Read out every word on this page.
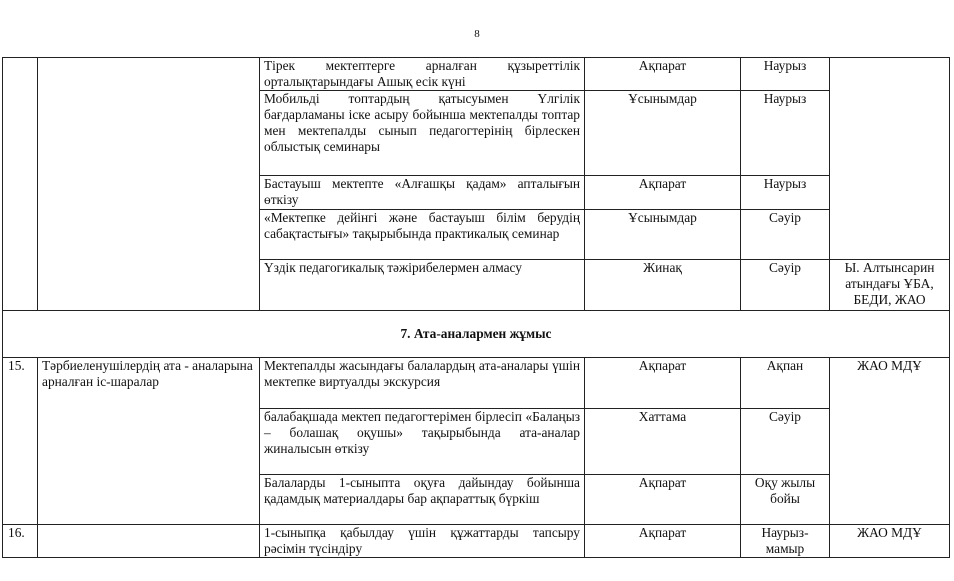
8
		Тірек мектептерге арналған құзыреттілік орталықтарындағы Ашық есік күні	Ақпарат	Наурыз	
		Мобильді топтардың қатысуымен Үлгілік бағдарламаны іске асыру бойынша мектепалды топтар мен мектепалды сынып педагогтерінің бірлескен облыстық семинары	Ұсынымдар	Наурыз	
		Бастауыш мектепте «Алғашқы қадам» апталығын өткізу	Ақпарат	Наурыз	
		«Мектепке дейінгі және бастауыш білім берудің сабақтастығы» тақырыбында практикалық семинар	Ұсынымдар	Сәуір	
		Үздік педагогикалық тәжірибелермен алмасу	Жинақ	Сәуір	Ы. Алтынсарин атындағы ҰБА, БЕДИ, ЖАО
7. Ата-аналармен жұмыс					
15.	Тәрбиеленушілердің ата - аналарына арналған іс-шаралар	Мектепалды жасындағы балалардың ата-аналары үшін мектепке виртуалды экскурсия	Ақпарат	Ақпан	ЖАО МДҰ
		балабақшада мектеп педагогтерімен бірлесіп «Балаңыз – болашақ оқушы» тақырыбында ата-аналар жиналысын өткізу	Хаттама	Сәуір	
		Балаларды 1-сыныпта оқуға дайындау бойынша қадамдық материалдары бар ақпараттық бүркіш	Ақпарат	Оқу жылы бойы	
16.		1-сыныпқа қабылдау үшін құжаттарды тапсыру рәсімін түсіндіру	Ақпарат	Наурыз-мамыр	ЖАО МДҰ
